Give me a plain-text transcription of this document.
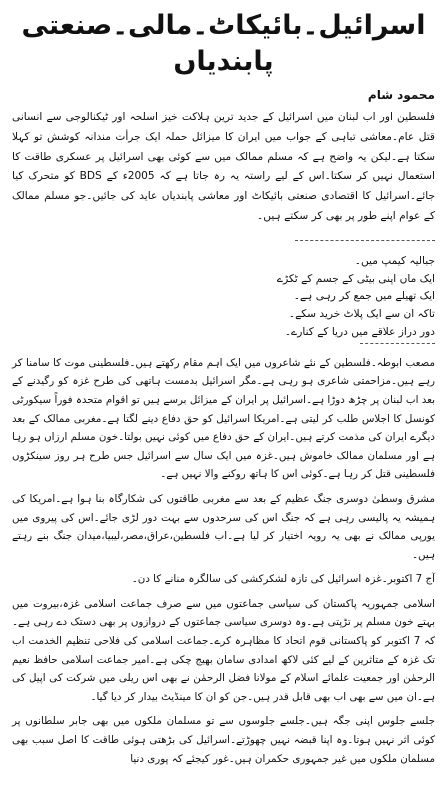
اسرائیل۔بائیکاٹ۔مالی۔صنعتی پابندیاں
محمود شام

فلسطین اور اب لبنان میں اسرائیل کے جدید ترین ہلاکت خیز اسلحہ اور ٹیکنالوجی سے انسانی قتل عام۔معاشی تباہی کے جواب میں ایران کا میزائل حملہ ایک جرأت مندانہ کوشش تو کہلا سکتا ہے۔لیکن یہ واضح ہے کہ مسلم ممالک میں سے کوئی بھی اسرائیل پر عسکری طاقت کا استعمال نہیں کر سکتا۔اس کے لیے راستہ یہ رہ جاتا ہے کہ 2005ء کے BDS کو متحرک کیا جائے۔اسرائیل کا اقتصادی صنعتی بائیکاٹ اور معاشی پابندیاں عاید کی جائیں۔جو مسلم ممالک کے عوام اپنے طور پر بھی کر سکتے ہیں۔

جبالیہ کیمپ میں۔
ایک ماں اپنی بیٹی کے جسم کے ٹکڑے
ایک تھیلے میں جمع کر رہی ہے۔
تاکہ ان سے ایک پلاٹ خرید سکے۔
دور دراز علاقے میں دریا کے کنارے۔

مصعب ابوطہ۔فلسطین کے نئے شاعروں میں ایک اہم مقام رکھتے ہیں۔فلسطینی موت کا سامنا کر رہے ہیں۔مزاحمتی شاعری ہو رہی ہے۔مگر اسرائیل بدمست ہاتھی کی طرح غزہ کو رگیدنے کے بعد اب لبنان پر چڑھ دوڑا ہے۔اسرائیل پر ایران کے میزائل برسے ہیں تو اقوام متحدہ فوراً سیکورٹی کونسل کا اجلاس طلب کر لیتی ہے۔امریکا اسرائیل کو حق دفاع دینے لگتا ہے۔مغربی ممالک کے بعد دیگرے ایران کی مذمت کرتے ہیں۔ایران کے حق دفاع میں کوئی نہیں بولتا۔خون مسلم ارزاں ہو رہا ہے اور مسلمان ممالک خاموش ہیں۔غزہ میں ایک سال سے اسرائیل جس طرح ہر روز سینکڑوں فلسطینی قتل کر رہا ہے۔کوئی اس کا ہاتھ روکنے والا نہیں ہے۔

مشرق وسطیٰ دوسری جنگ عظیم کے بعد سے مغربی طاقتوں کی شکارگاہ بنا ہوا ہے۔امریکا کی ہمیشہ یہ پالیسی رہی ہے کہ جنگ اس کی سرحدوں سے بہت دور لڑی جائے۔اس کی پیروی میں یورپی ممالک نے بھی یہ رویہ اختیار کر لیا ہے۔اب فلسطین،عراق،مصر،لیبیا،میدان جنگ بنے رہتے ہیں۔

آج 7 اکتوبر۔غزہ اسرائیل کی تازہ لشکرکشی کی سالگرہ منانے کا دن۔

اسلامی جمہوریہ پاکستان کی سیاسی جماعتوں میں سے صرف جماعت اسلامی غزہ،بیروت میں بہتے خون مسلم پر تڑپتی ہے۔وہ دوسری سیاسی جماعتوں کے دروازوں پر بھی دستک دے رہی ہے۔کہ 7 اکتوبر کو پاکستانی قوم اتحاد کا مظاہرہ کرے۔جماعت اسلامی کی فلاحی تنظیم الخدمت اب تک غزہ کے متاثرین کے لیے کئی لاکھ امدادی سامان بھیج چکی ہے۔امیر جماعت اسلامی حافظ نعیم الرحمٰن اور جمعیت علمائے اسلام کے مولانا فضل الرحمٰن نے بھی اس ریلی میں شرکت کی اپیل کی ہے۔ان میں سے بھی اب بھی قابل قدر ہیں۔جن کو ان کا مینڈیٹ بیدار کر دیا گیا۔

جلسے جلوس اپنی جگہ ہیں۔جلسے جلوسوں سے تو مسلمان ملکوں میں بھی جابر سلطانوں پر کوئی اثر نہیں ہوتا۔وہ اپنا قبضہ نہیں چھوڑتے۔اسرائیل کی بڑھتی ہوئی طاقت کا اصل سبب بھی مسلمان ملکوں میں غیر جمہوری حکمران ہیں۔غور کیجئے کہ پوری دنیا
